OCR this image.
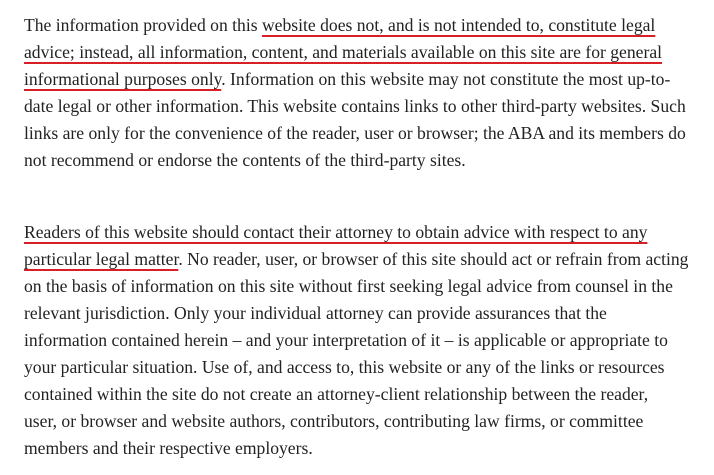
The information provided on this website does not, and is not intended to, constitute legal
advice; instead, all information, content, and materials available on this site are for general
informational purposes only. Information on this website may not constitute the most up-to-
date legal or other information. This website contains links to other third-party websites. Such
links are only for the convenience of the reader, user or browser; the ABA and its members do
not recommend or endorse the contents of the third-party sites.

Readers of this website should contact their attorney to obtain advice with respect to any
particular legal matter. No reader, user, or browser of this site should act or refrain from acting
on the basis of information on this site without first seeking legal advice from counsel in the
relevant jurisdiction. Only your individual attorney can provide assurances that the
information contained herein – and your interpretation of it – is applicable or appropriate to
your particular situation. Use of, and access to, this website or any of the links or resources
contained within the site do not create an attorney-client relationship between the reader,
user, or browser and website authors, contributors, contributing law firms, or committee
members and their respective employers.
